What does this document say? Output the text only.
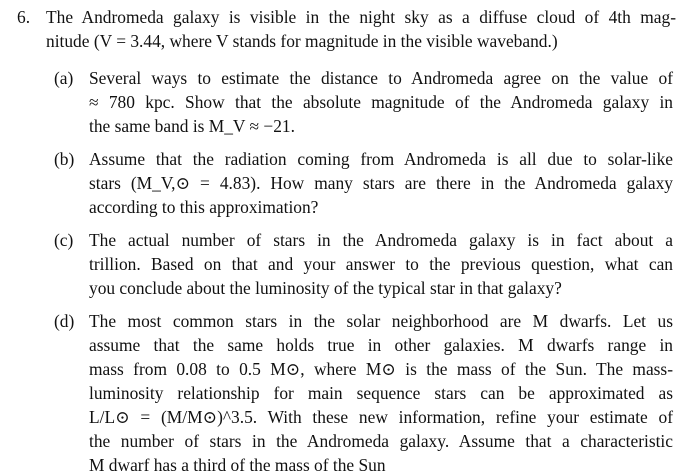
6. The Andromeda galaxy is visible in the night sky as a diffuse cloud of 4th mag-
nitude (V = 3.44, where V stands for magnitude in the visible waveband.)
(a) Several ways to estimate the distance to Andromeda agree on the value of
≈ 780 kpc. Show that the absolute magnitude of the Andromeda galaxy in
the same band is M_V ≈ −21.
(b) Assume that the radiation coming from Andromeda is all due to solar-like
stars (M_V,⊙ = 4.83). How many stars are there in the Andromeda galaxy
according to this approximation?
(c) The actual number of stars in the Andromeda galaxy is in fact about a
trillion. Based on that and your answer to the previous question, what can
you conclude about the luminosity of the typical star in that galaxy?
(d) The most common stars in the solar neighborhood are M dwarfs. Let us
assume that the same holds true in other galaxies. M dwarfs range in
mass from 0.08 to 0.5 M⊙, where M⊙ is the mass of the Sun. The mass-
luminosity relationship for main sequence stars can be approximated as
L/L⊙ = (M/M⊙)^3.5. With these new information, refine your estimate of
the number of stars in the Andromeda galaxy. Assume that a characteristic
M dwarf has a third of the mass of the Sun
